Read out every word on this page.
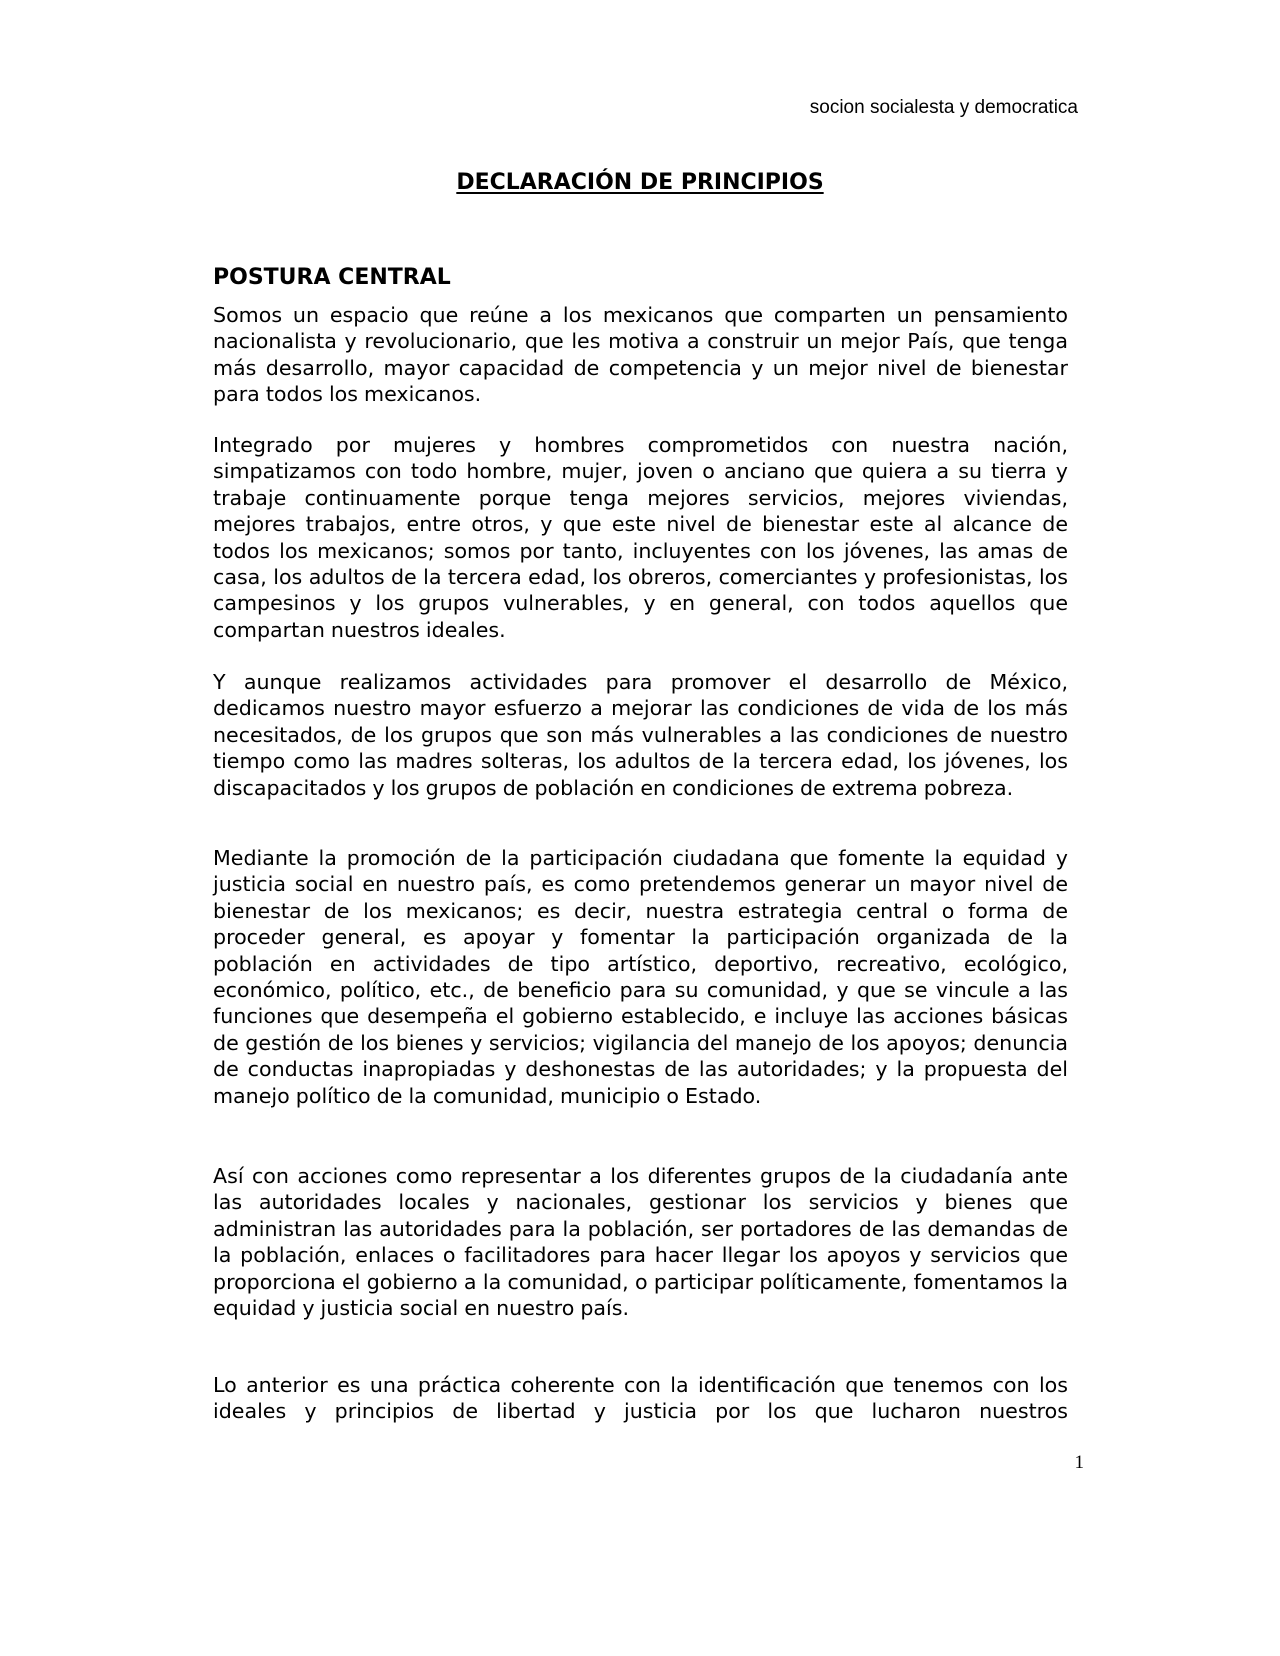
socion socialesta y democratica
DECLARACIÓN DE PRINCIPIOS
POSTURA CENTRAL

Somos un espacio que reúne a los mexicanos que comparten un pensamiento nacionalista y revolucionario, que les motiva a construir un mejor País, que tenga más desarrollo, mayor capacidad de competencia y un mejor nivel de bienestar para todos los mexicanos.

Integrado por mujeres y hombres comprometidos con nuestra nación, simpatizamos con todo hombre, mujer, joven o anciano que quiera a su tierra y trabaje continuamente porque tenga mejores servicios, mejores viviendas, mejores trabajos, entre otros, y que este nivel de bienestar este al alcance de todos los mexicanos; somos por tanto, incluyentes con los jóvenes, las amas de casa, los adultos de la tercera edad, los obreros, comerciantes y profesionistas, los campesinos y los grupos vulnerables, y en general, con todos aquellos que compartan nuestros ideales.

Y aunque realizamos actividades para promover el desarrollo de México, dedicamos nuestro mayor esfuerzo a mejorar las condiciones de vida de los más necesitados, de los grupos que son más vulnerables a las condiciones de nuestro tiempo como las madres solteras, los adultos de la tercera edad, los jóvenes, los discapacitados y los grupos de población en condiciones de extrema pobreza.

Mediante la promoción de la participación ciudadana que fomente la equidad y justicia social en nuestro país, es como pretendemos generar un mayor nivel de bienestar de los mexicanos; es decir, nuestra estrategia central o forma de proceder general, es apoyar y fomentar la participación organizada de la población en actividades de tipo artístico, deportivo, recreativo, ecológico, económico, político, etc., de beneficio para su comunidad, y que se vincule a las funciones que desempeña el gobierno establecido, e incluye las acciones básicas de gestión de los bienes y servicios; vigilancia del manejo de los apoyos; denuncia de conductas inapropiadas y deshonestas de las autoridades; y la propuesta del manejo político de la comunidad, municipio o Estado.

Así con acciones como representar a los diferentes grupos de la ciudadanía ante las autoridades locales y nacionales, gestionar los servicios y bienes que administran las autoridades para la población, ser portadores de las demandas de la población, enlaces o facilitadores para hacer llegar los apoyos y servicios que proporciona el gobierno a la comunidad, o participar políticamente, fomentamos la equidad y justicia social en nuestro país.

Lo anterior es una práctica coherente con la identificación que tenemos con los ideales y principios de libertad y justicia por los que lucharon nuestros

1
